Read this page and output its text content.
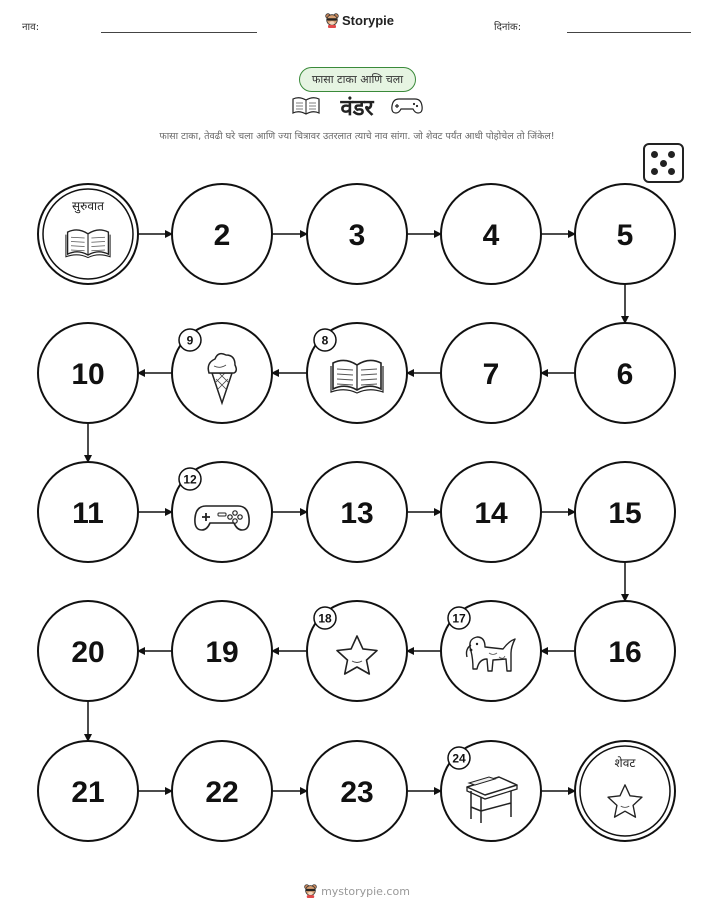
नाव:	Storypie	दिनांक:
फासा टाका आणि चला
वंडर
फासा टाका, तेवढी घरे चला आणि ज्या चित्रावर उतरलात त्याचे नाव सांगा. जो शेवट पर्यंत आधी पोहोचेल तो जिंकेल!
सुरुवात
2	3	4	5
6
7
8
9
10
11
12
13	14	15
16
17
18
19
20
21	22	23
24	शेवट
mystorypie.com
